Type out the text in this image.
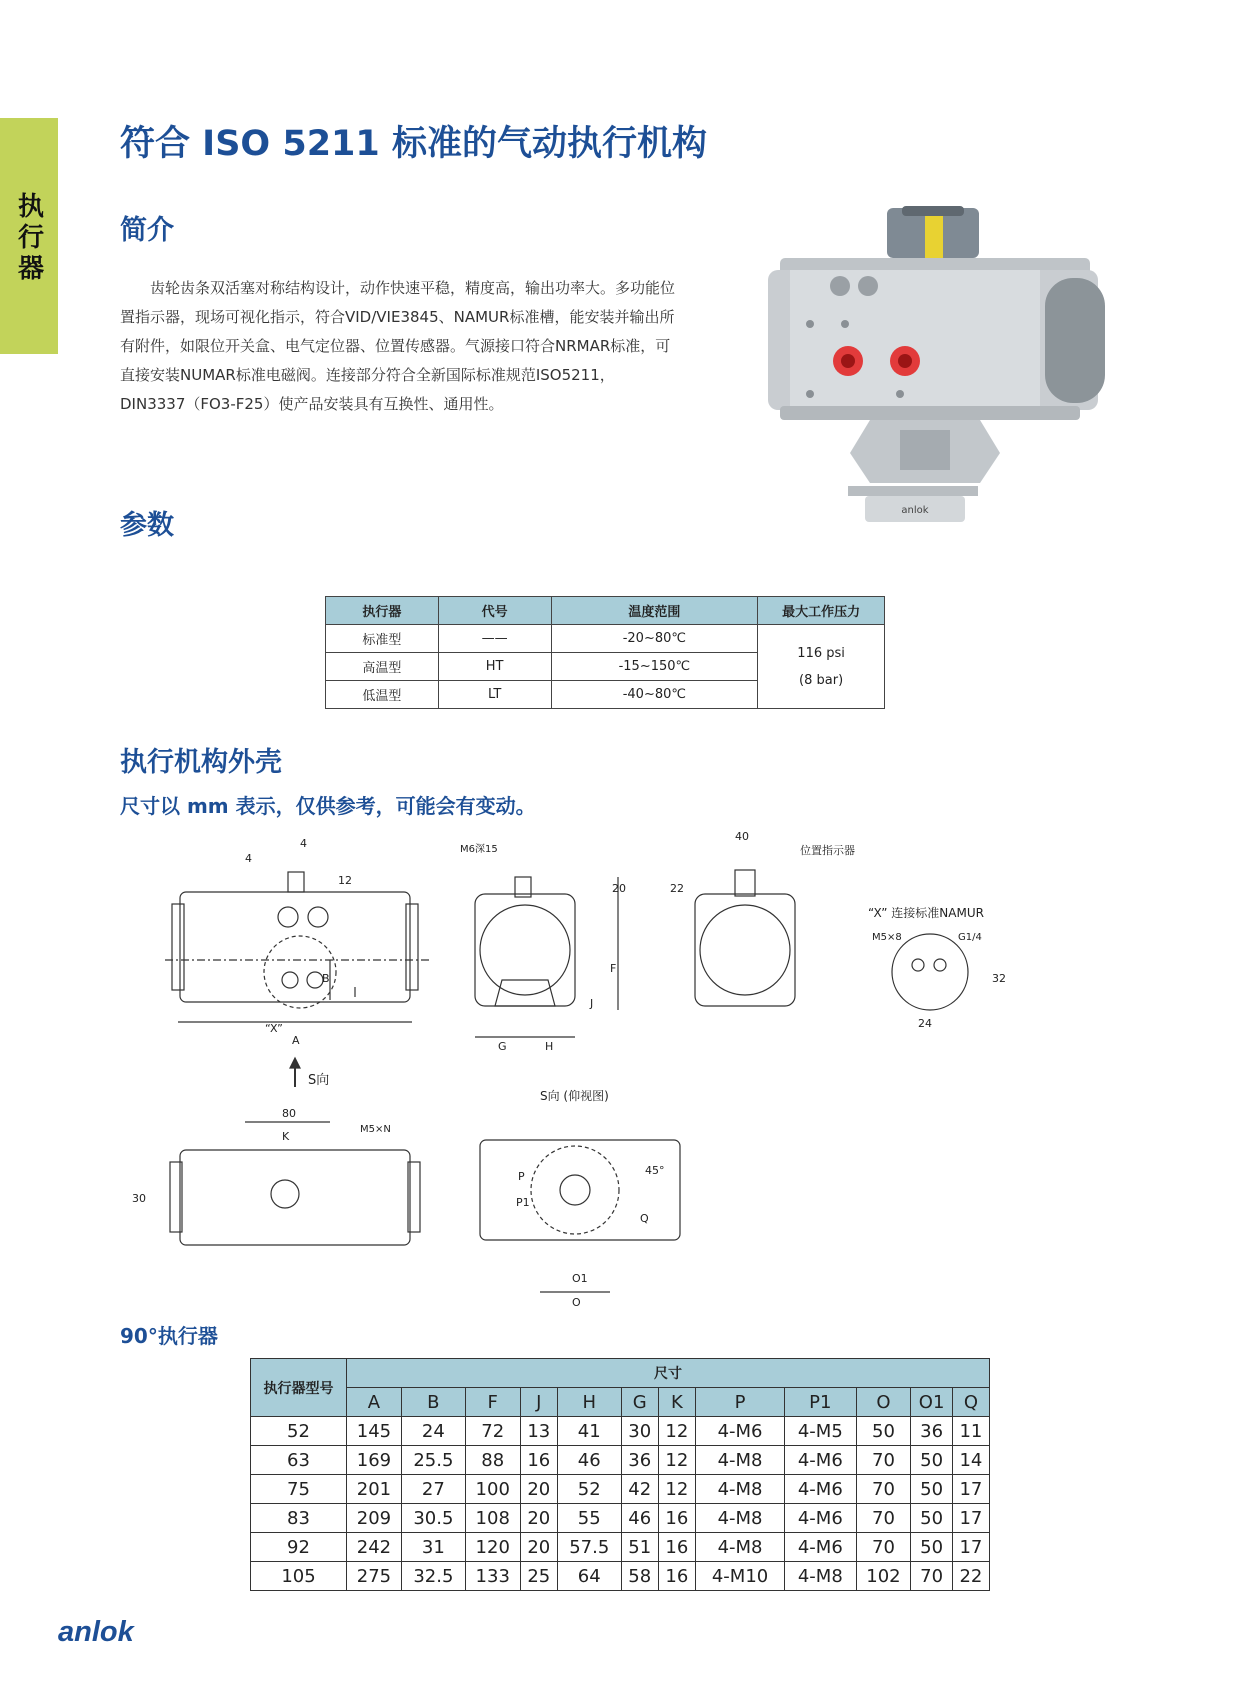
执行器
符合 ISO 5211 标准的气动执行机构
简介

齿轮齿条双活塞对称结构设计，动作快速平稳，精度高，输出功率大。多功能位置指示器，现场可视化指示，符合VID/VIE3845、NAMUR标准槽，能安装并输出所有附件，如限位开关盒、电气定位器、位置传感器。气源接口符合NRMAR标准，可直接安装NUMAR标准电磁阀。连接部分符合全新国际标准规范ISO5211，DIN3337（FO3-F25）使产品安装具有互换性、通用性。

anlok
参数
执行器	代号	温度范围	最大工作压力
标准型	——	-20~80℃	116 psi
(8 bar)

高温型	HT	-15~150℃	
低温型	LT	-40~80℃	
执行机构外壳
尺寸以 mm 表示，仅供参考，可能会有变动。
“X”
A
4
4
12
B
S向
M6深15
20
F
J
G	H
40
22
位置指示器
“X” 连接标准NAMUR
M5×8	G1/4
32
24
80
K
M5×N
30
S向 (仰视图)
P
P1
45°
Q
O1
O
90°执行器
执行器型号	尺寸											
	A	B	F	J	H	G	K	P	P1	O	O1	Q
52	145	24	72	13	41	30	12	4-M6	4-M5	50	36	11
63	169	25.5	88	16	46	36	12	4-M8	4-M6	70	50	14
75	201	27	100	20	52	42	12	4-M8	4-M6	70	50	17
83	209	30.5	108	20	55	46	16	4-M8	4-M6	70	50	17
92	242	31	120	20	57.5	51	16	4-M8	4-M6	70	50	17
105	275	32.5	133	25	64	58	16	4-M10	4-M8	102	70	22
anlok
